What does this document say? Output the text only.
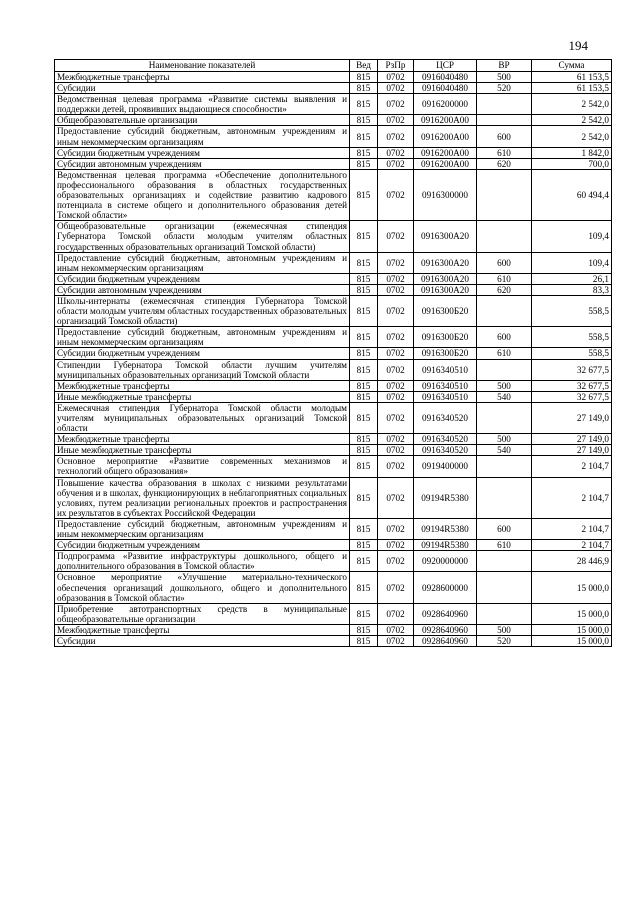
194
Наименование показателей	Вед	РзПр	ЦСР	ВР	Сумма
Межбюджетные трансферты	815	0702	0916040480	500	61 153,5
Субсидии	815	0702	0916040480	520	61 153,5
Ведомственная целевая программа «Развитие системы выявления и поддержки детей, проявивших выдающиеся способности»	815	0702	0916200000		2 542,0
Общеобразовательные организации	815	0702	0916200А00		2 542,0
Предоставление субсидий бюджетным, автономным учреждениям и иным некоммерческим организациям	815	0702	0916200А00	600	2 542,0
Субсидии бюджетным учреждениям	815	0702	0916200А00	610	1 842,0
Субсидии автономным учреждениям	815	0702	0916200А00	620	700,0
Ведомственная целевая программа «Обеспечение дополнительного профессионального образования в областных государственных образовательных организациях и содействие развитию кадрового потенциала в системе общего и дополнительного образования детей Томской области»	815	0702	0916300000		60 494,4
Общеобразовательные организации (ежемесячная стипендия Губернатора Томской области молодым учителям областных государственных образовательных организаций Томской области)	815	0702	0916300А20		109,4
Предоставление субсидий бюджетным, автономным учреждениям и иным некоммерческим организациям	815	0702	0916300А20	600	109,4
Субсидии бюджетным учреждениям	815	0702	0916300А20	610	26,1
Субсидии автономным учреждениям	815	0702	0916300А20	620	83,3
Школы-интернаты (ежемесячная стипендия Губернатора Томской области молодым учителям областных государственных образовательных организаций Томской области)	815	0702	0916300Б20		558,5
Предоставление субсидий бюджетным, автономным учреждениям и иным некоммерческим организациям	815	0702	0916300Б20	600	558,5
Субсидии бюджетным учреждениям	815	0702	0916300Б20	610	558,5
Стипендии Губернатора Томской области лучшим учителям муниципальных образовательных организаций Томской области	815	0702	0916340510		32 677,5
Межбюджетные трансферты	815	0702	0916340510	500	32 677,5
Иные межбюджетные трансферты	815	0702	0916340510	540	32 677,5
Ежемесячная стипендия Губернатора Томской области молодым учителям муниципальных образовательных организаций Томской области	815	0702	0916340520		27 149,0
Межбюджетные трансферты	815	0702	0916340520	500	27 149,0
Иные межбюджетные трансферты	815	0702	0916340520	540	27 149,0
Основное мероприятие «Развитие современных механизмов и технологий общего образования»	815	0702	0919400000		2 104,7
Повышение качества образования в школах с низкими результатами обучения и в школах, функционирующих в неблагоприятных социальных условиях, путем реализации региональных проектов и распространения их результатов в субъектах Российской Федерации	815	0702	09194R5380		2 104,7
Предоставление субсидий бюджетным, автономным учреждениям и иным некоммерческим организациям	815	0702	09194R5380	600	2 104,7
Субсидии бюджетным учреждениям	815	0702	09194R5380	610	2 104,7
Подпрограмма «Развитие инфраструктуры дошкольного, общего и дополнительного образования в Томской области»	815	0702	0920000000		28 446,9
Основное мероприятие «Улучшение материально-технического обеспечения организаций дошкольного, общего и дополнительного образования в Томской области»	815	0702	0928600000		15 000,0
Приобретение автотранспортных средств в муниципальные общеобразовательные организации	815	0702	0928640960		15 000,0
Межбюджетные трансферты	815	0702	0928640960	500	15 000,0
Субсидии	815	0702	0928640960	520	15 000,0
